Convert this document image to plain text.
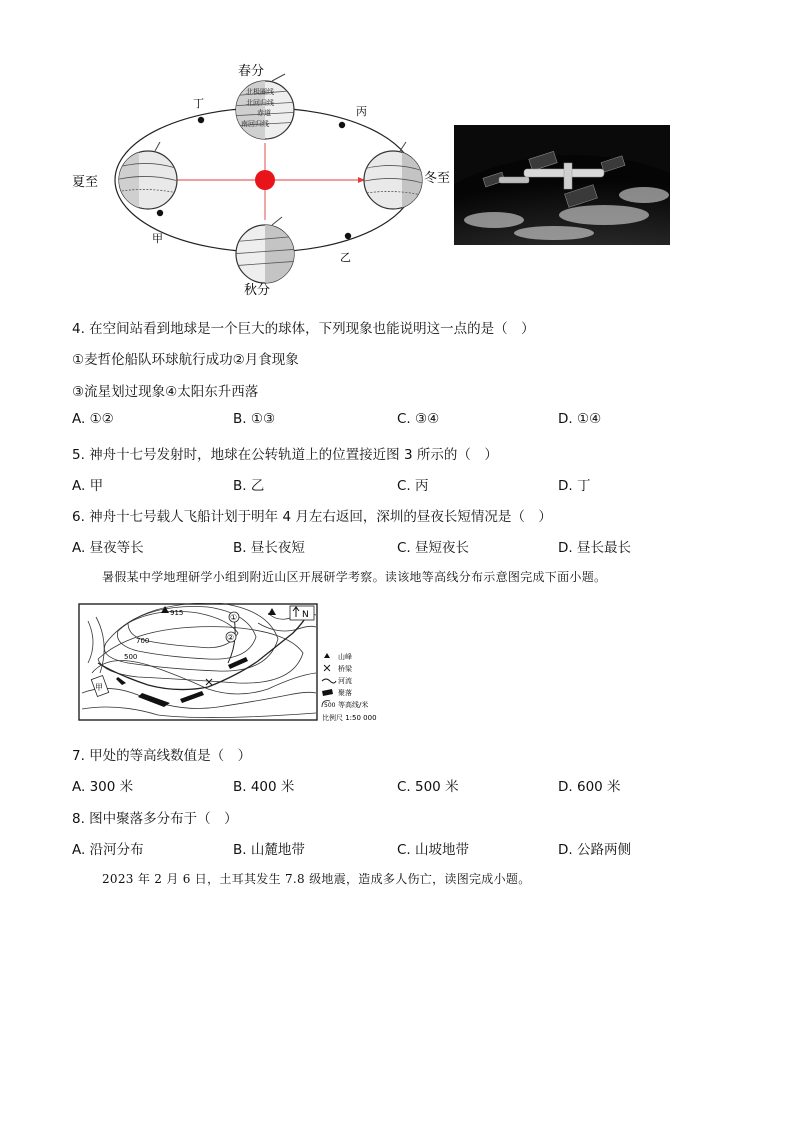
北极圈线
北回归线
赤道
南回归线
春分
夏至
秋分
冬至
丁
丙
甲
乙
4. 在空间站看到地球是一个巨大的球体，下列现象也能说明这一点的是（　）
①麦哲伦船队环球航行成功②月食现象
③流星划过现象④太阳东升西落
A. ①②	B. ①③	C. ③④	D. ①④
5. 神舟十七号发射时，地球在公转轨道上的位置接近图 3 所示的（　）
A. 甲	B. 乙	C. 丙	D. 丁
6. 神舟十七号载人飞船计划于明年 4 月左右返回，深圳的昼夜长短情况是（　）
A. 昼夜等长	B. 昼长夜短	C. 昼短夜长	D. 昼长最长
暑假某中学地理研学小组到附近山区开展研学考察。读该地等高线分布示意图完成下面小题。
甲
915
700
500
①
②
N
山峰
桥梁
河流
聚落
500 等高线/米
比例尺 1:50 000
7. 甲处的等高线数值是（　）
A. 300 米	B. 400 米	C. 500 米	D. 600 米
8. 图中聚落多分布于（　）
A. 沿河分布	B. 山麓地带	C. 山坡地带	D. 公路两侧
2023 年 2 月 6 日，土耳其发生 7.8 级地震，造成多人伤亡，读图完成小题。
